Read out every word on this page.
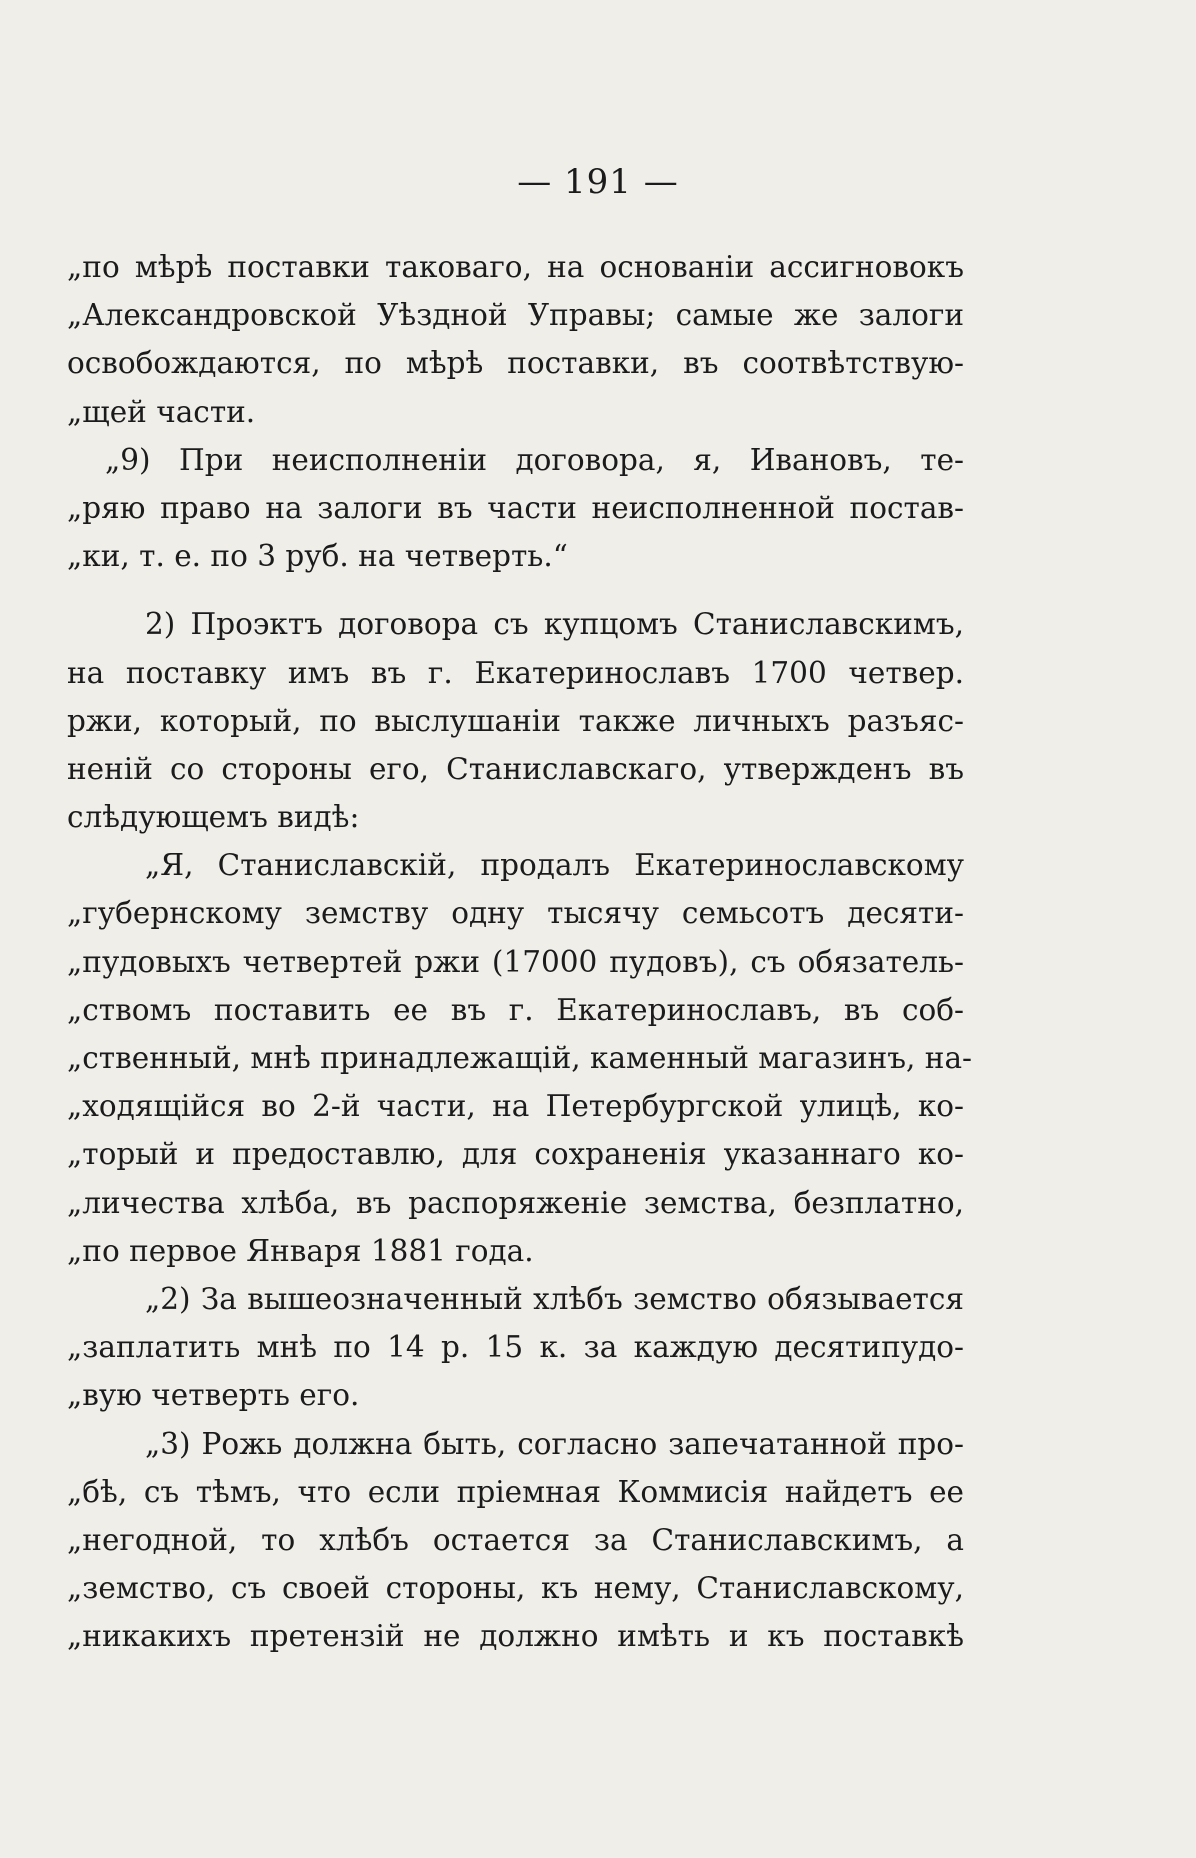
— 191 —
„по мѣрѣ поставки таковаго, на основаніи ассигновокъ
„Александровской Уѣздной Управы; самые же залоги
освобождаются, по мѣрѣ поставки, въ соотвѣтствую-
„щей части.
„9) При неисполненіи договора, я, Ивановъ, те-
„ряю право на залоги въ части неисполненной постав-
„ки, т. е. по 3 руб. на четверть.“
2) Проэктъ договора съ купцомъ Станиславскимъ,
на поставку имъ въ г. Екатеринославъ 1700 четвер.
ржи, который, по выслушаніи также личныхъ разъяс-
неній со стороны его, Станиславскаго, утвержденъ въ
слѣдующемъ видѣ:
„Я, Станиславскій, продалъ Екатеринославскому
„губернскому земству одну тысячу семьсотъ десяти-
„пудовыхъ четвертей ржи (17000 пудовъ), съ обязатель-
„ствомъ поставить ее въ г. Екатеринославъ, въ соб-
„ственный, мнѣ принадлежащій, каменный магазинъ, на-
„ходящійся во 2-й части, на Петербургской улицѣ, ко-
„торый и предоставлю, для сохраненія указаннаго ко-
„личества хлѣба, въ распоряженіе земства, безплатно,
„по первое Января 1881 года.
„2) За вышеозначенный хлѣбъ земство обязывается
„заплатить мнѣ по 14 р. 15 к. за каждую десятипудо-
„вую четверть его.
„3) Рожь должна быть, согласно запечатанной про-
„бѣ, съ тѣмъ, что если пріемная Коммисія найдетъ ее
„негодной, то хлѣбъ остается за Станиславскимъ, а
„земство, съ своей стороны, къ нему, Станиславскому,
„никакихъ претензій не должно имѣть и къ поставкѣ
